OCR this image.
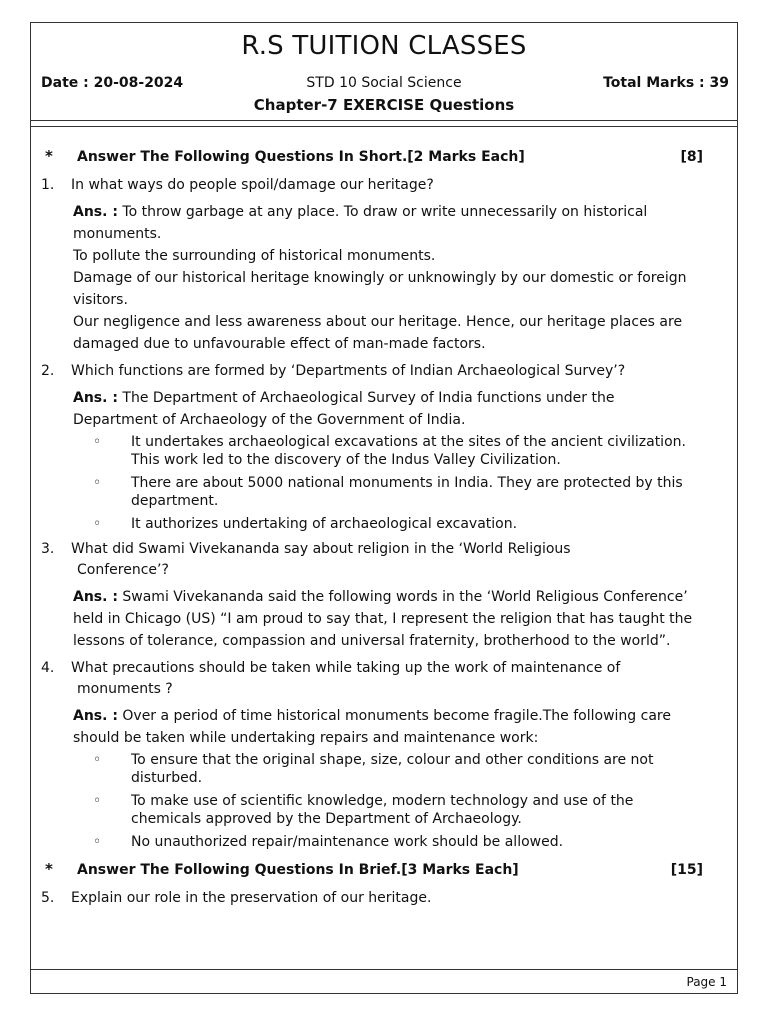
R.S TUITION CLASSES
Date : 20-08-2024	STD 10 Social Science	Total Marks : 39
Chapter-7 EXERCISE Questions
* Answer The Following Questions In Short.[2 Marks Each]	[8]
1. In what ways do people spoil/damage our heritage?
Ans. : To throw garbage at any place. To draw or write unnecessarily on historical monuments.
To pollute the surrounding of historical monuments.
Damage of our historical heritage knowingly or unknowingly by our domestic or foreign visitors.
Our negligence and less awareness about our heritage. Hence, our heritage places are damaged due to unfavourable effect of man-made factors.
2. Which functions are formed by ‘Departments of Indian Archaeological Survey’?
Ans. : The Department of Archaeological Survey of India functions under the Department of Archaeology of the Government of India.
◦ It undertakes archaeological excavations at the sites of the ancient civilization. This work led to the discovery of the Indus Valley Civilization.
◦ There are about 5000 national monuments in India. They are protected by this department.
◦ It authorizes undertaking of archaeological excavation.
3. What did Swami Vivekananda say about religion in the ‘World Religious
Conference’?
Ans. : Swami Vivekananda said the following words in the ‘World Religious Conference’ held in Chicago (US) “I am proud to say that, I represent the religion that has taught the lessons of tolerance, compassion and universal fraternity, brotherhood to the world”.
4. What precautions should be taken while taking up the work of maintenance of
monuments ?
Ans. : Over a period of time historical monuments become fragile.The following care should be taken while undertaking repairs and maintenance work:
◦ To ensure that the original shape, size, colour and other conditions are not disturbed.
◦ To make use of scientific knowledge, modern technology and use of the chemicals approved by the Department of Archaeology.
◦ No unauthorized repair/maintenance work should be allowed.
* Answer The Following Questions In Brief.[3 Marks Each]	[15]
5. Explain our role in the preservation of our heritage.
Page 1
